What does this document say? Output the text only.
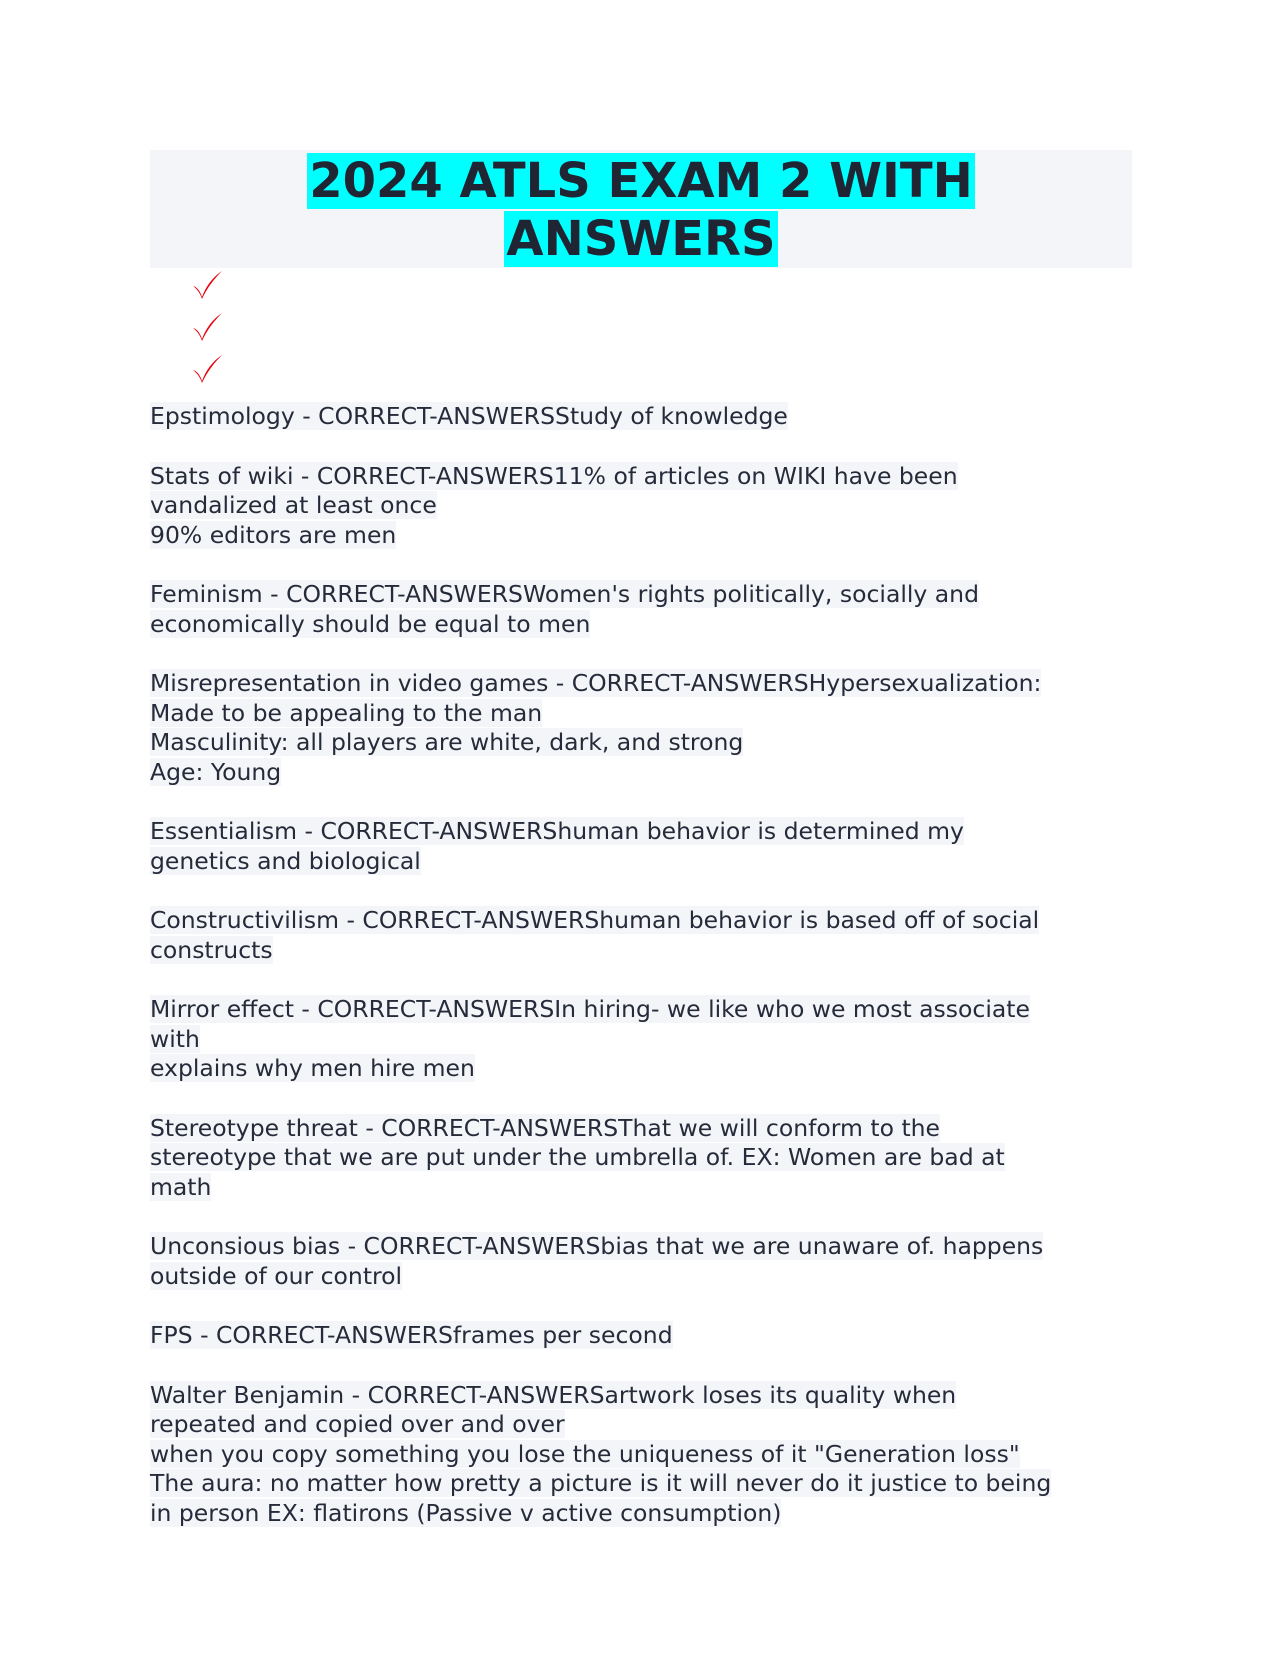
2024 ATLS EXAM 2 WITH
ANSWERS
Epstimology - CORRECT-ANSWERSStudy of knowledge
Stats of wiki - CORRECT-ANSWERS11% of articles on WIKI have been
vandalized at least once
90% editors are men
Feminism - CORRECT-ANSWERSWomen's rights politically, socially and
economically should be equal to men
Misrepresentation in video games - CORRECT-ANSWERSHypersexualization:
Made to be appealing to the man
Masculinity: all players are white, dark, and strong
Age: Young
Essentialism - CORRECT-ANSWERShuman behavior is determined my
genetics and biological
Constructivilism - CORRECT-ANSWERShuman behavior is based off of social
constructs
Mirror effect - CORRECT-ANSWERSIn hiring- we like who we most associate
with
explains why men hire men
Stereotype threat - CORRECT-ANSWERSThat we will conform to the
stereotype that we are put under the umbrella of. EX: Women are bad at
math
Unconsious bias - CORRECT-ANSWERSbias that we are unaware of. happens
outside of our control
FPS - CORRECT-ANSWERSframes per second
Walter Benjamin - CORRECT-ANSWERSartwork loses its quality when
repeated and copied over and over
when you copy something you lose the uniqueness of it "Generation loss"
The aura: no matter how pretty a picture is it will never do it justice to being
in person EX: flatirons (Passive v active consumption)
